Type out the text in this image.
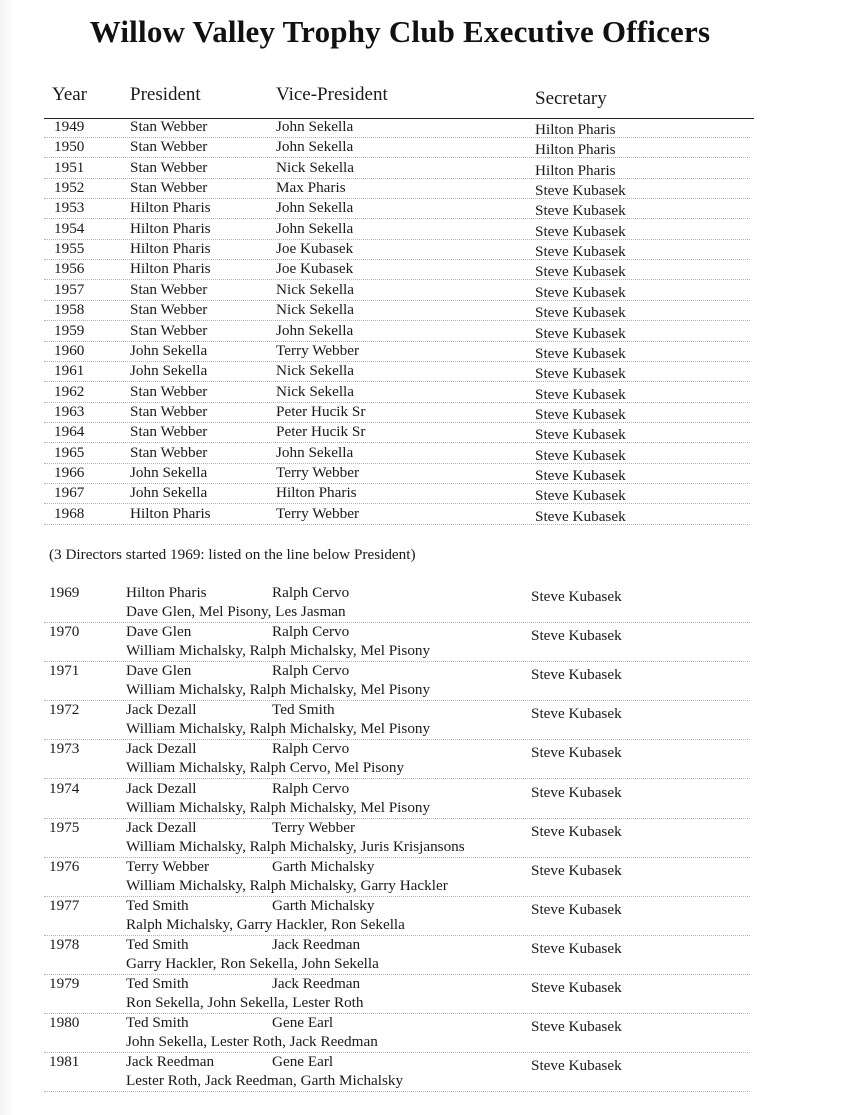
Willow Valley Trophy Club Executive Officers
Year President	Vice-President	Secretary
1949	Stan Webber	John Sekella	Hilton Pharis
1950	Stan Webber	John Sekella	Hilton Pharis
1951	Stan Webber	Nick Sekella	Hilton Pharis
1952	Stan Webber	Max Pharis	Steve Kubasek
1953	Hilton Pharis	John Sekella	Steve Kubasek
1954	Hilton Pharis	John Sekella	Steve Kubasek
1955	Hilton Pharis	Joe Kubasek	Steve Kubasek
1956	Hilton Pharis	Joe Kubasek	Steve Kubasek
1957	Stan Webber	Nick Sekella	Steve Kubasek
1958	Stan Webber	Nick Sekella	Steve Kubasek
1959	Stan Webber	John Sekella	Steve Kubasek
1960	John Sekella	Terry Webber	Steve Kubasek
1961	John Sekella	Nick Sekella	Steve Kubasek
1962	Stan Webber	Nick Sekella	Steve Kubasek
1963	Stan Webber	Peter Hucik Sr	Steve Kubasek
1964	Stan Webber	Peter Hucik Sr	Steve Kubasek
1965	Stan Webber	John Sekella	Steve Kubasek
1966	John Sekella	Terry Webber	Steve Kubasek
1967	John Sekella	Hilton Pharis	Steve Kubasek
1968	Hilton Pharis	Terry Webber	Steve Kubasek
(3 Directors started 1969: listed on the line below President)
1969	Hilton Pharis	Ralph Cervo	Steve Kubasek
Dave Glen, Mel Pisony, Les Jasman
1970	Dave Glen	Ralph Cervo	Steve Kubasek
William Michalsky, Ralph Michalsky, Mel Pisony
1971	Dave Glen	Ralph Cervo	Steve Kubasek
William Michalsky, Ralph Michalsky, Mel Pisony
1972	Jack Dezall	Ted Smith	Steve Kubasek
William Michalsky, Ralph Michalsky, Mel Pisony
1973	Jack Dezall	Ralph Cervo	Steve Kubasek
William Michalsky, Ralph Cervo, Mel Pisony
1974	Jack Dezall	Ralph Cervo	Steve Kubasek
William Michalsky, Ralph Michalsky, Mel Pisony
1975	Jack Dezall	Terry Webber	Steve Kubasek
William Michalsky, Ralph Michalsky, Juris Krisjansons
1976	Terry Webber	Garth Michalsky	Steve Kubasek
William Michalsky, Ralph Michalsky, Garry Hackler
1977	Ted Smith	Garth Michalsky	Steve Kubasek
Ralph Michalsky, Garry Hackler, Ron Sekella
1978	Ted Smith	Jack Reedman	Steve Kubasek
Garry Hackler, Ron Sekella, John Sekella
1979	Ted Smith	Jack Reedman	Steve Kubasek
Ron Sekella, John Sekella, Lester Roth
1980	Ted Smith	Gene Earl	Steve Kubasek
John Sekella, Lester Roth, Jack Reedman
1981	Jack Reedman	Gene Earl	Steve Kubasek
Lester Roth, Jack Reedman, Garth Michalsky
